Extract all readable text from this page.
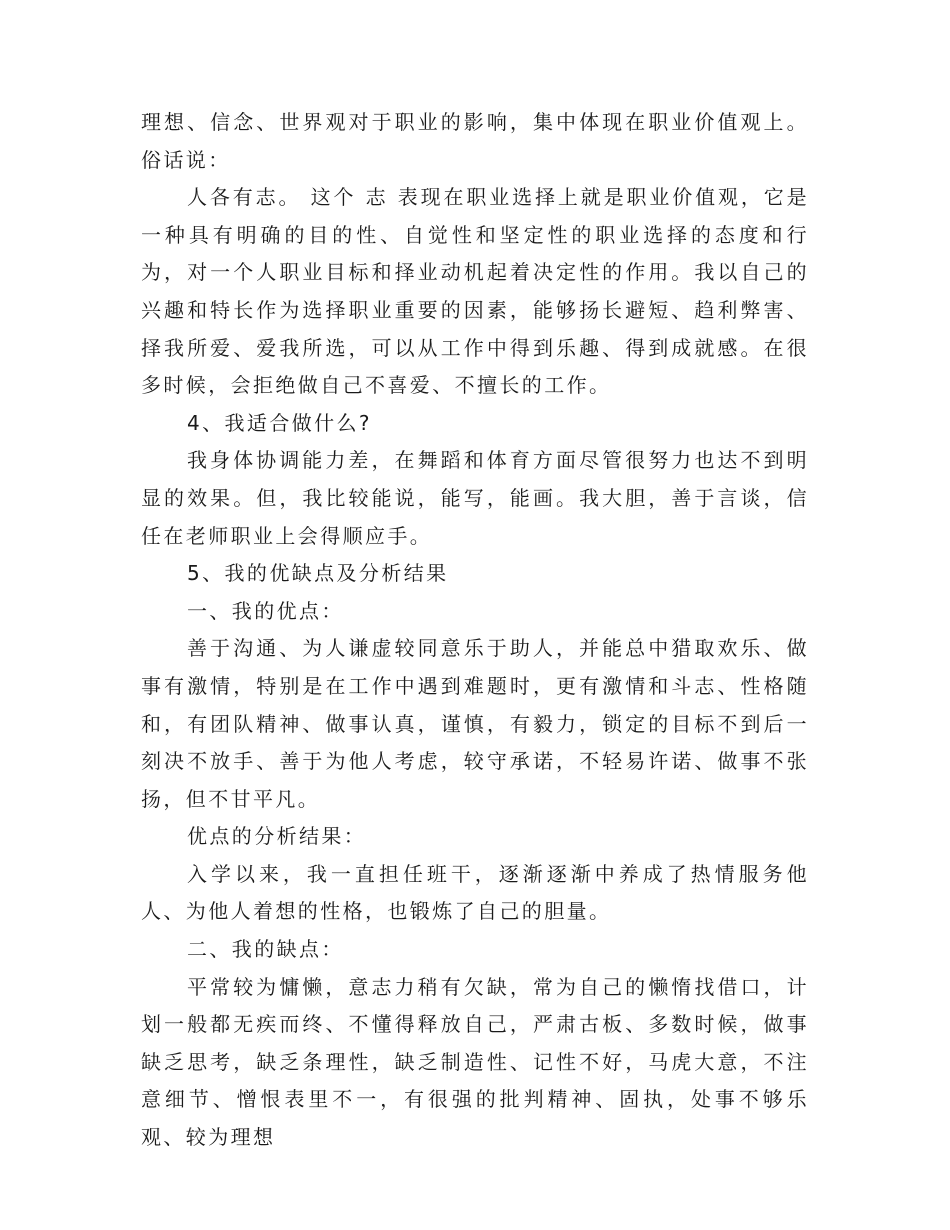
理想、信念、世界观对于职业的影响，集中体现在职业价值观上。俗话说：

人各有志。 这个 志 表现在职业选择上就是职业价值观，它是一种具有明确的目的性、自觉性和坚定性的职业选择的态度和行为，对一个人职业目标和择业动机起着决定性的作用。我以自己的兴趣和特长作为选择职业重要的因素，能够扬长避短、趋利弊害、择我所爱、爱我所选，可以从工作中得到乐趣、得到成就感。在很多时候，会拒绝做自己不喜爱、不擅长的工作。

4、我适合做什么?

我身体协调能力差，在舞蹈和体育方面尽管很努力也达不到明显的效果。但，我比较能说，能写，能画。我大胆，善于言谈，信任在老师职业上会得顺应手。

5、我的优缺点及分析结果

一、我的优点：

善于沟通、为人谦虚较同意乐于助人，并能总中猎取欢乐、做事有激情，特别是在工作中遇到难题时，更有激情和斗志、性格随和，有团队精神、做事认真，谨慎，有毅力，锁定的目标不到后一刻决不放手、善于为他人考虑，较守承诺，不轻易许诺、做事不张扬，但不甘平凡。

优点的分析结果：

入学以来，我一直担任班干，逐渐逐渐中养成了热情服务他人、为他人着想的性格，也锻炼了自己的胆量。

二、我的缺点：

平常较为慵懒，意志力稍有欠缺，常为自己的懒惰找借口，计划一般都无疾而终、不懂得释放自己，严肃古板、多数时候，做事缺乏思考，缺乏条理性，缺乏制造性、记性不好，马虎大意，不注意细节、憎恨表里不一，有很强的批判精神、固执，处事不够乐观、较为理想
